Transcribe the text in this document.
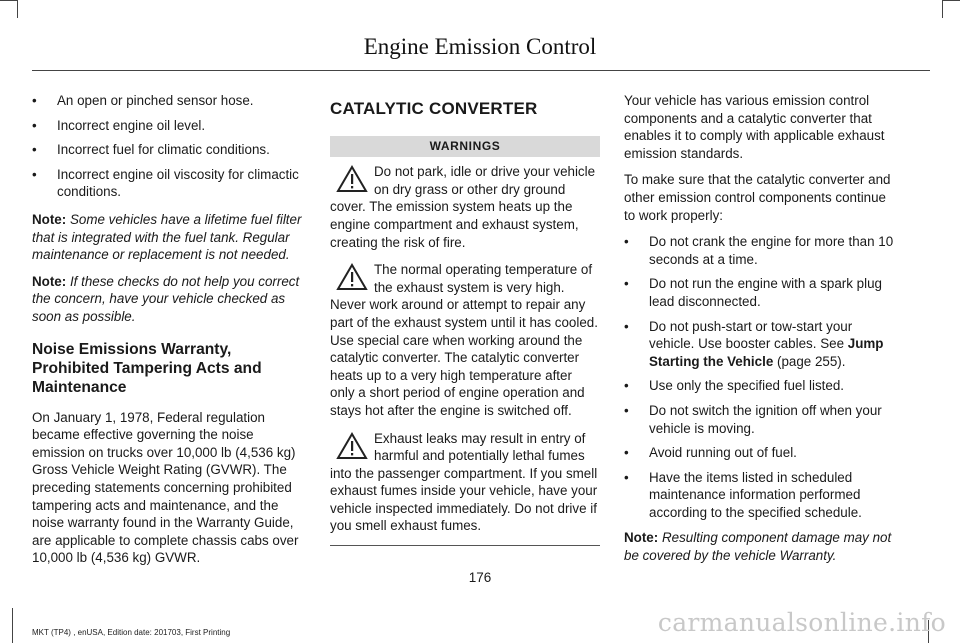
Engine Emission Control
• An open or pinched sensor hose.
• Incorrect engine oil level.
• Incorrect fuel for climatic conditions.
• Incorrect engine oil viscosity for climactic conditions.

Note: Some vehicles have a lifetime fuel filter that is integrated with the fuel tank. Regular maintenance or replacement is not needed.

Note: If these checks do not help you correct the concern, have your vehicle checked as soon as possible.

Noise Emissions Warranty, Prohibited Tampering Acts and Maintenance

On January 1, 1978, Federal regulation became effective governing the noise emission on trucks over 10,000 lb (4,536 kg) Gross Vehicle Weight Rating (GVWR). The preceding statements concerning prohibited tampering acts and maintenance, and the noise warranty found in the Warranty Guide, are applicable to complete chassis cabs over 10,000 lb (4,536 kg) GVWR.

CATALYTIC CONVERTER
WARNINGS
Do not park, idle or drive your vehicle on dry grass or other dry ground cover. The emission system heats up the engine compartment and exhaust system, creating the risk of fire.
The normal operating temperature of the exhaust system is very high. Never work around or attempt to repair any part of the exhaust system until it has cooled. Use special care when working around the catalytic converter. The catalytic converter heats up to a very high temperature after only a short period of engine operation and stays hot after the engine is switched off.
Exhaust leaks may result in entry of harmful and potentially lethal fumes into the passenger compartment. If you smell exhaust fumes inside your vehicle, have your vehicle inspected immediately. Do not drive if you smell exhaust fumes.

Your vehicle has various emission control components and a catalytic converter that enables it to comply with applicable exhaust emission standards.

To make sure that the catalytic converter and other emission control components continue to work properly:

• Do not crank the engine for more than 10 seconds at a time.
• Do not run the engine with a spark plug lead disconnected.
• Do not push-start or tow-start your vehicle. Use booster cables. See Jump Starting the Vehicle (page 255).
• Use only the specified fuel listed.
• Do not switch the ignition off when your vehicle is moving.
• Avoid running out of fuel.
• Have the items listed in scheduled maintenance information performed according to the specified schedule.

Note: Resulting component damage may not be covered by the vehicle Warranty.

176
MKT (TP4) , enUSA, Edition date: 201703, First Printing	carmanualsonline.info
